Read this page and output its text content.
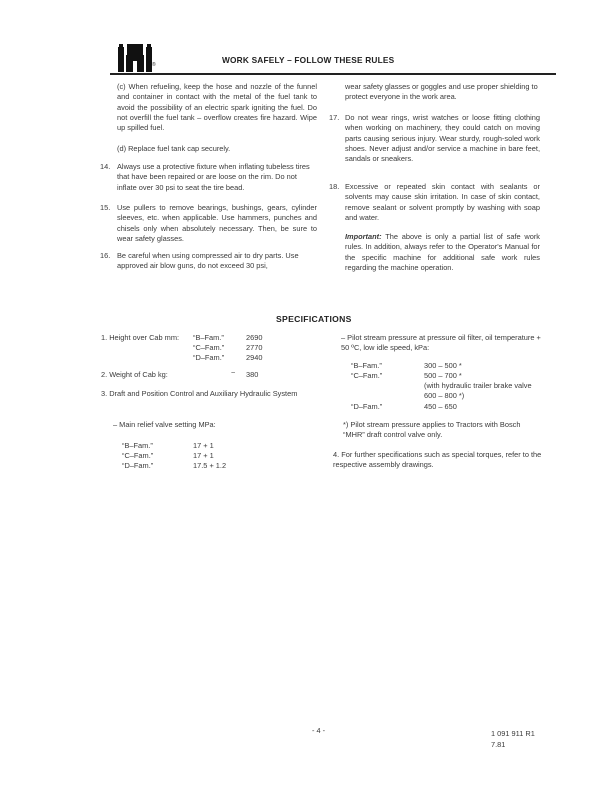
®	WORK SAFELY – FOLLOW THESE RULES
(c) When refueling, keep the hose and nozzle of the funnel and container in contact with the metal of the fuel tank to avoid the possibility of an electric spark igniting the fuel. Do not overfill the fuel tank – overflow creates fire hazard. Wipe up spilled fuel.
(d) Replace fuel tank cap securely.
14. Always use a protective fixture when inflating tubeless tires that have been repaired or are loose on the rim. Do not inflate over 30 psi to seat the tire bead.
15. Use pullers to remove bearings, bushings, gears, cylinder sleeves, etc. when applicable. Use hammers, punches and chisels only when absolutely necessary. Then, be sure to wear safety glasses.
16. Be careful when using compressed air to dry parts. Use approved air blow guns, do not exceed 30 psi,
wear safety glasses or goggles and use proper shielding to protect everyone in the work area.
17. Do not wear rings, wrist watches or loose fitting clothing when working on machinery, they could catch on moving parts causing serious injury. Wear sturdy, rough-soled work shoes. Never adjust and/or service a machine in bare feet, sandals or sneakers.
18. Excessive or repeated skin contact with sealants or solvents may cause skin irritation. In case of skin contact, remove sealant or solvent promptly by washing with soap and water.
Important: The above is only a partial list of safe work rules. In addition, always refer to the Operator's Manual for the specific machine for additional safe work rules regarding the machine operation.
SPECIFICATIONS
1. Height over Cab mm: “B–Fam.”	2690
“C–Fam.”	2770
“D–Fam.”	2940
2. Weight of Cab kg:	~ 380
3. Draft and Position Control and Auxiliary Hydraulic System
– Main relief valve setting MPa:
“B–Fam.”	17 + 1
“C–Fam.”	17 + 1
“D–Fam.”	17.5 + 1.2
– Pilot stream pressure at pressure oil filter, oil temperature + 50 ºC, low idle speed, kPa:
“B–Fam.”	300 – 500 *
“C–Fam.”	500 – 700 *
(with hydraulic trailer brake valve 600 – 800 *)
“D–Fam.”	450 – 650
*) Pilot stream pressure applies to Tractors with Bosch “MHR” draft control valve only.
4. For further specifications such as special torques, refer to the respective assembly drawings.
- 4 -	1 091 911 R1
7.81
